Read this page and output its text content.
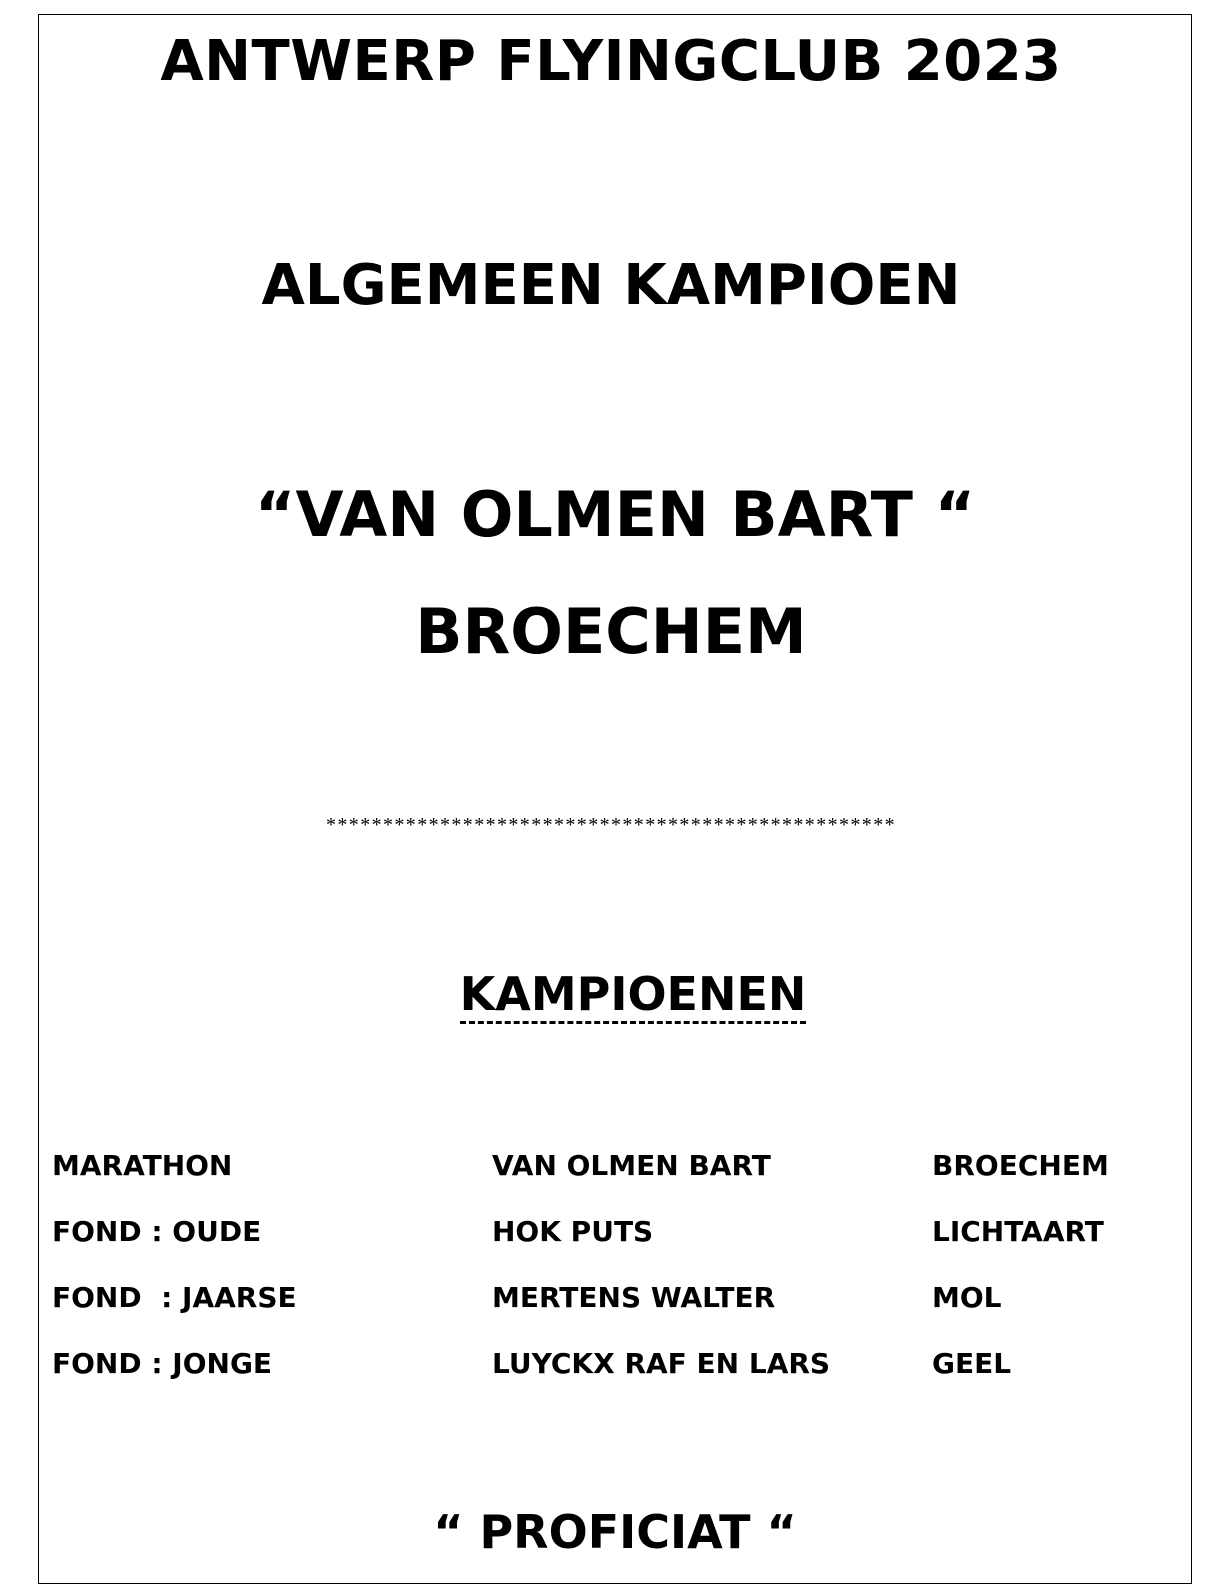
ANTWERP FLYINGCLUB 2023
ALGEMEEN KAMPIOEN
“VAN OLMEN BART “
BROECHEM
**************************************************
KAMPIOENEN
MARATHON	VAN OLMEN BART	BROECHEM
FOND : OUDE	HOK PUTS	LICHTAART
FOND  : JAARSE	MERTENS WALTER	MOL
FOND : JONGE	LUYCKX RAF EN LARS	GEEL
“ PROFICIAT “
